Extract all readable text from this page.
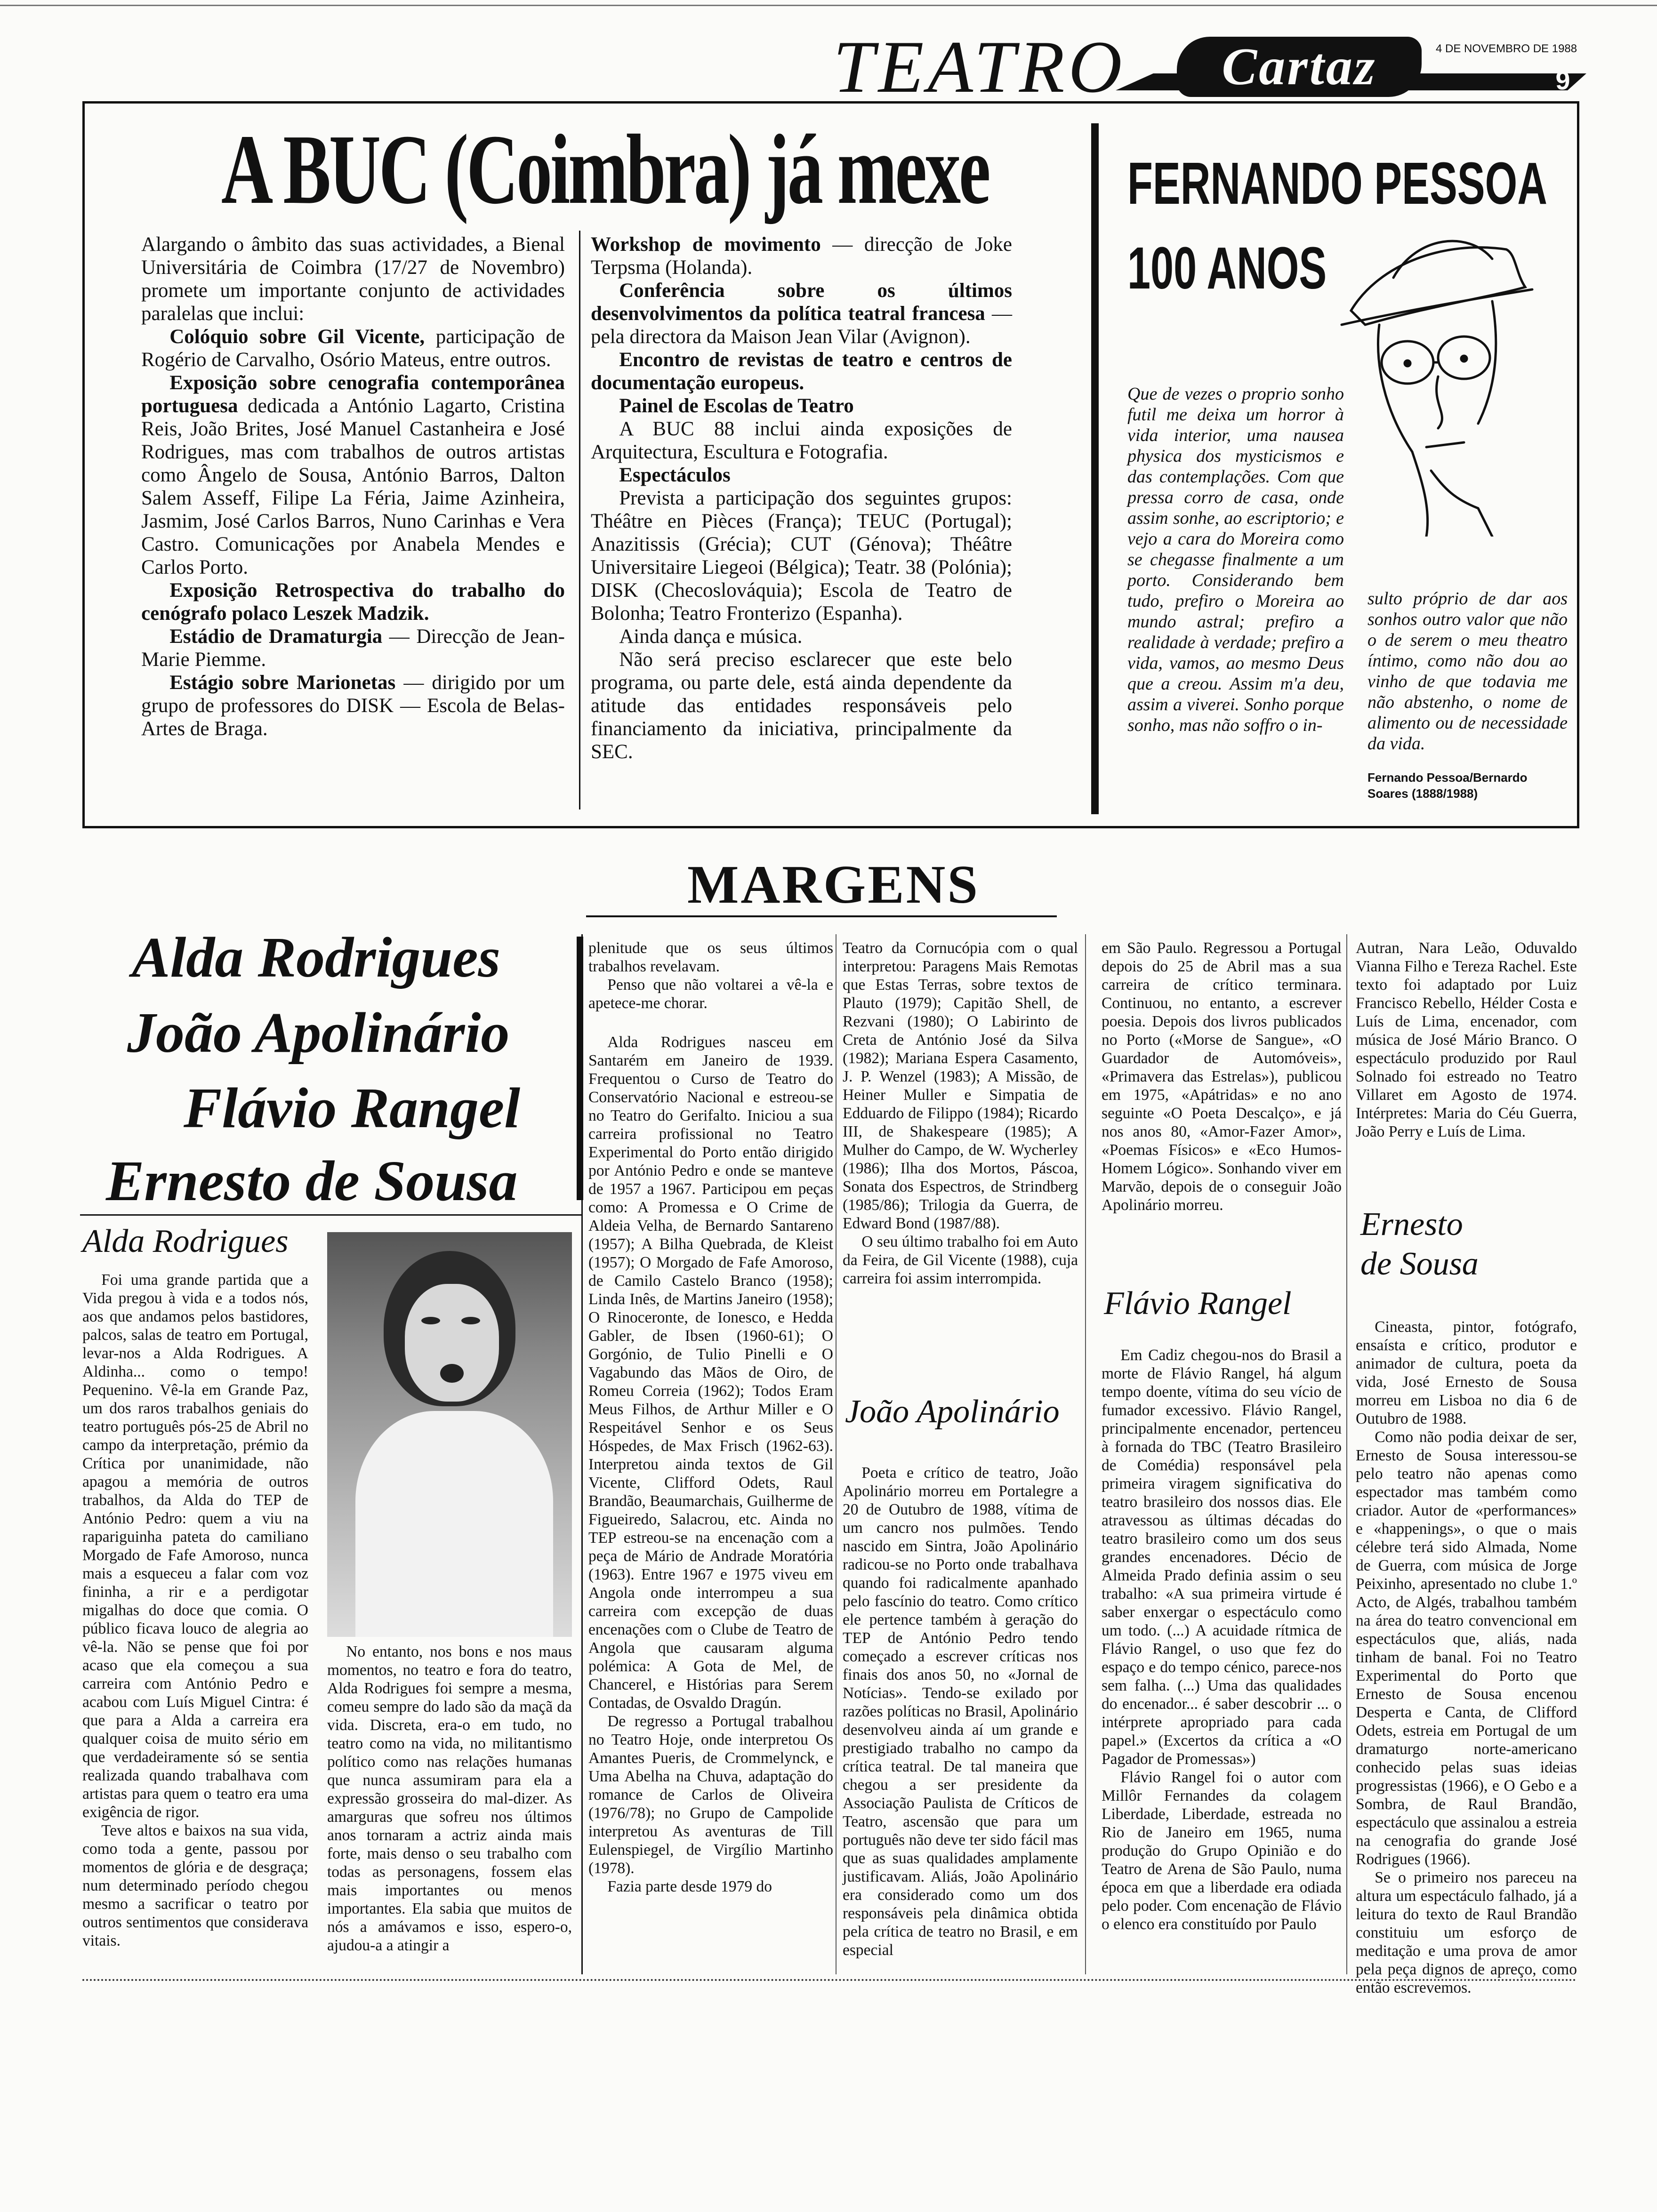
TEATRO	Cartaz	4 DE NOVEMBRO DE 1988
9
A BUC (Coimbra) já mexe

Alargando o âmbito das suas actividades, a Bienal Universitária de Coimbra (17/27 de Novembro) promete um importante conjunto de actividades paralelas que inclui:

Colóquio sobre Gil Vicente, participação de Rogério de Carvalho, Osório Mateus, entre outros.

Exposição sobre cenografia contemporânea portuguesa dedicada a António Lagarto, Cristina Reis, João Brites, José Manuel Castanheira e José Rodrigues, mas com trabalhos de outros artistas como Ângelo de Sousa, António Barros, Dalton Salem Asseff, Filipe La Féria, Jaime Azinheira, Jasmim, José Carlos Barros, Nuno Carinhas e Vera Castro. Comunicações por Anabela Mendes e Carlos Porto.

Exposição Retrospectiva do trabalho do cenógrafo polaco Leszek Madzik.

Estádio de Dramaturgia — Direcção de Jean-Marie Piemme.

Estágio sobre Marionetas — dirigido por um grupo de professores do DISK — Escola de Belas-Artes de Braga.

Workshop de movimento — direcção de Joke Terpsma (Holanda).

Conferência sobre os últimos desenvolvimentos da política teatral francesa — pela directora da Maison Jean Vilar (Avignon).

Encontro de revistas de teatro e centros de documentação europeus.

Painel de Escolas de Teatro

A BUC 88 inclui ainda exposições de Arquitectura, Escultura e Fotografia.

Espectáculos

Prevista a participação dos seguintes grupos: Théâtre en Pièces (França); TEUC (Portugal); Anazitissis (Grécia); CUT (Génova); Théâtre Universitaire Liegeoi (Bélgica); Teatr. 38 (Polónia); DISK (Checoslováquia); Escola de Teatro de Bolonha; Teatro Fronterizo (Espanha).

Ainda dança e música.

Não será preciso esclarecer que este belo programa, ou parte dele, está ainda dependente da atitude das entidades responsáveis pelo financiamento da iniciativa, principalmente da SEC.

FERNANDO PESSOA
100 ANOS
Que de vezes o proprio sonho futil me deixa um horror à vida interior, uma nausea physica dos mysticismos e das contemplações. Com que pressa corro de casa, onde assim sonhe, ao escriptorio; e vejo a cara do Moreira como se chegasse finalmente a um porto. Considerando bem tudo, prefiro o Moreira ao mundo astral; prefiro a realidade à verdade; prefiro a vida, vamos, ao mesmo Deus que a creou. Assim m'a deu, assim a viverei. Sonho porque sonho, mas não soffro o in-
sulto próprio de dar aos sonhos outro valor que não o de serem o meu theatro íntimo, como não dou ao vinho de que todavia me não abstenho, o nome de alimento ou de necessidade da vida.
Fernando Pessoa/Bernardo Soares (1888/1988)
MARGENS
Alda Rodrigues
João Apolinário
Flávio Rangel
Ernesto de Sousa
Alda Rodrigues

Foi uma grande partida que a Vida pregou à vida e a todos nós, aos que andamos pelos bastidores, palcos, salas de teatro em Portugal, levar-nos a Alda Rodrigues. A Aldinha... como o tempo! Pequenino. Vê-la em Grande Paz, um dos raros trabalhos geniais do teatro português pós-25 de Abril no campo da interpretação, prémio da Crítica por unanimidade, não apagou a memória de outros trabalhos, da Alda do TEP de António Pedro: quem a viu na rapariguinha pateta do camiliano Morgado de Fafe Amoroso, nunca mais a esqueceu a falar com voz fininha, a rir e a perdigotar migalhas do doce que comia. O público ficava louco de alegria ao vê-la. Não se pense que foi por acaso que ela começou a sua carreira com António Pedro e acabou com Luís Miguel Cintra: é que para a Alda a carreira era qualquer coisa de muito sério em que verdadeiramente só se sentia realizada quando trabalhava com artistas para quem o teatro era uma exigência de rigor.

Teve altos e baixos na sua vida, como toda a gente, passou por momentos de glória e de desgraça; num determinado período chegou mesmo a sacrificar o teatro por outros sentimentos que considerava vitais.

No entanto, nos bons e nos maus momentos, no teatro e fora do teatro, Alda Rodrigues foi sempre a mesma, comeu sempre do lado são da maçã da vida. Discreta, era-o em tudo, no teatro como na vida, no militantismo político como nas relações humanas que nunca assumiram para ela a expressão grosseira do mal-dizer. As amarguras que sofreu nos últimos anos tornaram a actriz ainda mais forte, mais denso o seu trabalho com todas as personagens, fossem elas mais importantes ou menos importantes. Ela sabia que muitos de nós a amávamos e isso, espero-o, ajudou-a a atingir a

plenitude que os seus últimos trabalhos revelavam.

Penso que não voltarei a vê-la e apetece-me chorar.

Alda Rodrigues nasceu em Santarém em Janeiro de 1939. Frequentou o Curso de Teatro do Conservatório Nacional e estreou-se no Teatro do Gerifalto. Iniciou a sua carreira profissional no Teatro Experimental do Porto então dirigido por António Pedro e onde se manteve de 1957 a 1967. Participou em peças como: A Promessa e O Crime de Aldeia Velha, de Bernardo Santareno (1957); A Bilha Quebrada, de Kleist (1957); O Morgado de Fafe Amoroso, de Camilo Castelo Branco (1958); Linda Inês, de Martins Janeiro (1958); O Rinoceronte, de Ionesco, e Hedda Gabler, de Ibsen (1960-61); O Gorgónio, de Tulio Pinelli e O Vagabundo das Mãos de Oiro, de Romeu Correia (1962); Todos Eram Meus Filhos, de Arthur Miller e O Respeitável Senhor e os Seus Hóspedes, de Max Frisch (1962-63). Interpretou ainda textos de Gil Vicente, Clifford Odets, Raul Brandão, Beaumarchais, Guilherme de Figueiredo, Salacrou, etc. Ainda no TEP estreou-se na encenação com a peça de Mário de Andrade Moratória (1963). Entre 1967 e 1975 viveu em Angola onde interrompeu a sua carreira com excepção de duas encenações com o Clube de Teatro de Angola que causaram alguma polémica: A Gota de Mel, de Chancerel, e Histórias para Serem Contadas, de Osvaldo Dragún.

De regresso a Portugal trabalhou no Teatro Hoje, onde interpretou Os Amantes Pueris, de Crommelynck, e Uma Abelha na Chuva, adaptação do romance de Carlos de Oliveira (1976/78); no Grupo de Campolide interpretou As aventuras de Till Eulenspiegel, de Virgílio Martinho (1978).

Fazia parte desde 1979 do

Teatro da Cornucópia com o qual interpretou: Paragens Mais Remotas que Estas Terras, sobre textos de Plauto (1979); Capitão Shell, de Rezvani (1980); O Labirinto de Creta de António José da Silva (1982); Mariana Espera Casamento, J. P. Wenzel (1983); A Missão, de Heiner Muller e Simpatia de Edduardo de Filippo (1984); Ricardo III, de Shakespeare (1985); A Mulher do Campo, de W. Wycherley (1986); Ilha dos Mortos, Páscoa, Sonata dos Espectros, de Strindberg (1985/86); Trilogia da Guerra, de Edward Bond (1987/88).

O seu último trabalho foi em Auto da Feira, de Gil Vicente (1988), cuja carreira foi assim interrompida.

João Apolinário
Poeta e crítico de teatro, João Apolinário morreu em Portalegre a 20 de Outubro de 1988, vítima de um cancro nos pulmões. Tendo nascido em Sintra, João Apolinário radicou-se no Porto onde trabalhava quando foi radicalmente apanhado pelo fascínio do teatro. Como crítico ele pertence também à geração do TEP de António Pedro tendo começado a escrever críticas nos finais dos anos 50, no «Jornal de Notícias». Tendo-se exilado por razões políticas no Brasil, Apolinário desenvolveu ainda aí um grande e prestigiado trabalho no campo da crítica teatral. De tal maneira que chegou a ser presidente da Associação Paulista de Críticos de Teatro, ascensão que para um português não deve ter sido fácil mas que as suas qualidades amplamente justificavam. Aliás, João Apolinário era considerado como um dos responsáveis pela dinâmica obtida pela crítica de teatro no Brasil, e em especial
em São Paulo. Regressou a Portugal depois do 25 de Abril mas a sua carreira de crítico terminara. Continuou, no entanto, a escrever poesia. Depois dos livros publicados no Porto («Morse de Sangue», «O Guardador de Automóveis», «Primavera das Estrelas»), publicou em 1975, «Apátridas» e no ano seguinte «O Poeta Descalço», e já nos anos 80, «Amor-Fazer Amor», «Poemas Físicos» e «Eco Humos-Homem Lógico». Sonhando viver em Marvão, depois de o conseguir João Apolinário morreu.
Flávio Rangel

Em Cadiz chegou-nos do Brasil a morte de Flávio Rangel, há algum tempo doente, vítima do seu vício de fumador excessivo. Flávio Rangel, principalmente encenador, pertenceu à fornada do TBC (Teatro Brasileiro de Comédia) responsável pela primeira viragem significativa do teatro brasileiro dos nossos dias. Ele atravessou as últimas décadas do teatro brasileiro como um dos seus grandes encenadores. Décio de Almeida Prado definia assim o seu trabalho: «A sua primeira virtude é saber enxergar o espectáculo como um todo. (...) A acuidade rítmica de Flávio Rangel, o uso que fez do espaço e do tempo cénico, parece-nos sem falha. (...) Uma das qualidades do encenador... é saber descobrir ... o intérprete apropriado para cada papel.» (Excertos da crítica a «O Pagador de Promessas»)

Flávio Rangel foi o autor com Millôr Fernandes da colagem Liberdade, Liberdade, estreada no Rio de Janeiro em 1965, numa produção do Grupo Opinião e do Teatro de Arena de São Paulo, numa época em que a liberdade era odiada pelo poder. Com encenação de Flávio o elenco era constituído por Paulo

Autran, Nara Leão, Oduvaldo Vianna Filho e Tereza Rachel. Este texto foi adaptado por Luiz Francisco Rebello, Hélder Costa e Luís de Lima, encenador, com música de José Mário Branco. O espectáculo produzido por Raul Solnado foi estreado no Teatro Villaret em Agosto de 1974. Intérpretes: Maria do Céu Guerra, João Perry e Luís de Lima.
Ernesto
de Sousa

Cineasta, pintor, fotógrafo, ensaísta e crítico, produtor e animador de cultura, poeta da vida, José Ernesto de Sousa morreu em Lisboa no dia 6 de Outubro de 1988.

Como não podia deixar de ser, Ernesto de Sousa interessou-se pelo teatro não apenas como espectador mas também como criador. Autor de «performances» e «happenings», o que o mais célebre terá sido Almada, Nome de Guerra, com música de Jorge Peixinho, apresentado no clube 1.º Acto, de Algés, trabalhou também na área do teatro convencional em espectáculos que, aliás, nada tinham de banal. Foi no Teatro Experimental do Porto que Ernesto de Sousa encenou Desperta e Canta, de Clifford Odets, estreia em Portugal de um dramaturgo norte-americano conhecido pelas suas ideias progressistas (1966), e O Gebo e a Sombra, de Raul Brandão, espectáculo que assinalou a estreia na cenografia do grande José Rodrigues (1966).

Se o primeiro nos pareceu na altura um espectáculo falhado, já a leitura do texto de Raul Brandão constituiu um esforço de meditação e uma prova de amor pela peça dignos de apreço, como então escrevemos.
